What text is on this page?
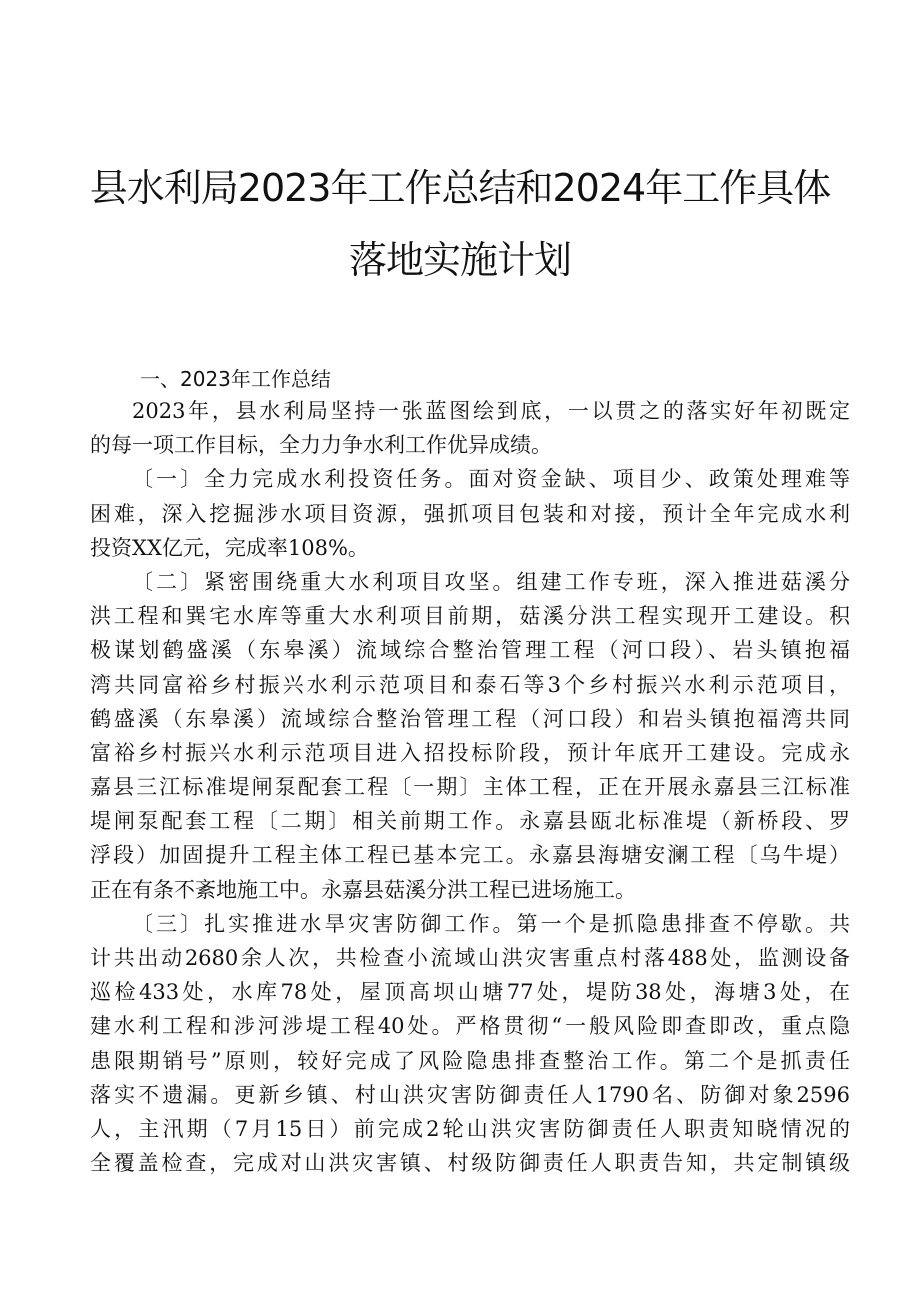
县水利局2023年工作总结和2024年工作具体
落地实施计划
一、2023年工作总结
2023年，县水利局坚持一张蓝图绘到底，一以贯之的落实好年初既定
的每一项工作目标，全力力争水利工作优异成绩。
〔一〕全力完成水利投资任务。面对资金缺、项目少、政策处理难等
困难，深入挖掘涉水项目资源，强抓项目包装和对接，预计全年完成水利
投资XX亿元，完成率108%。
〔二〕紧密围绕重大水利项目攻坚。组建工作专班，深入推进菇溪分
洪工程和巽宅水库等重大水利项目前期，菇溪分洪工程实现开工建设。积
极谋划鹤盛溪（东皋溪）流域综合整治管理工程（河口段）、岩头镇抱福
湾共同富裕乡村振兴水利示范项目和泰石等3个乡村振兴水利示范项目，
鹤盛溪（东皋溪）流域综合整治管理工程（河口段）和岩头镇抱福湾共同
富裕乡村振兴水利示范项目进入招投标阶段，预计年底开工建设。完成永
嘉县三江标准堤闸泵配套工程〔一期〕主体工程，正在开展永嘉县三江标准
堤闸泵配套工程〔二期〕相关前期工作。永嘉县瓯北标准堤（新桥段、罗
浮段）加固提升工程主体工程已基本完工。永嘉县海塘安澜工程〔乌牛堤）
正在有条不紊地施工中。永嘉县菇溪分洪工程已进场施工。
〔三〕扎实推进水旱灾害防御工作。第一个是抓隐患排查不停歇。共
计共出动2680余人次，共检查小流域山洪灾害重点村落488处，监测设备
巡检433处，水库78处，屋顶高坝山塘77处，堤防38处，海塘3处，在
建水利工程和涉河涉堤工程40处。严格贯彻“一般风险即查即改，重点隐
患限期销号”原则，较好完成了风险隐患排查整治工作。第二个是抓责任
落实不遗漏。更新乡镇、村山洪灾害防御责任人1790名、防御对象2596
人，主汛期（7月15日）前完成2轮山洪灾害防御责任人职责知晓情况的
全覆盖检查，完成对山洪灾害镇、村级防御责任人职责告知，共定制镇级
